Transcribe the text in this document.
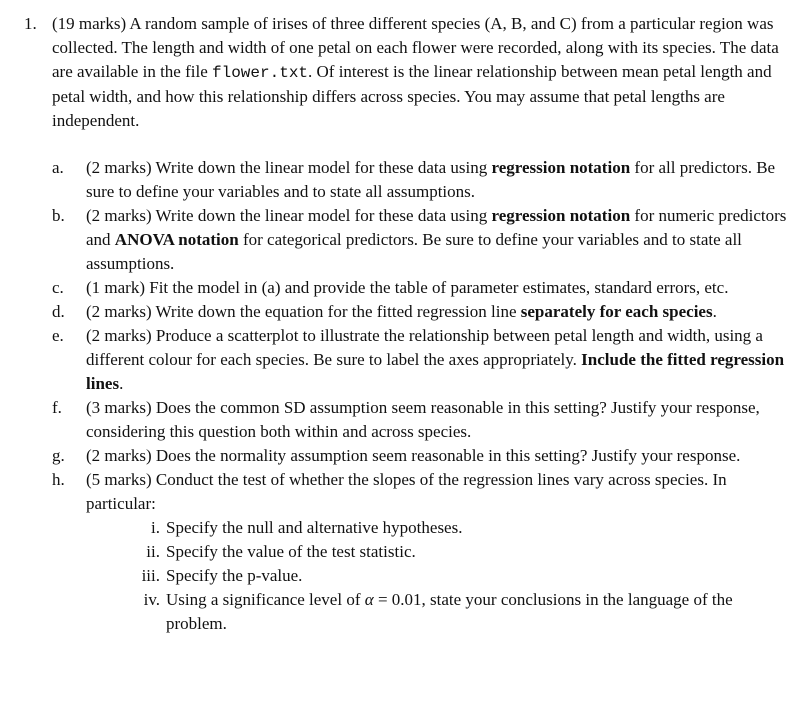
1. (19 marks) A random sample of irises of three different species (A, B, and C) from a particular region was collected. The length and width of one petal on each flower were recorded, along with its species. The data are available in the file flower.txt. Of interest is the linear relationship between mean petal length and petal width, and how this relationship differs across species. You may assume that petal lengths are independent.
a.	(2 marks) Write down the linear model for these data using regression notation for all predictors. Be sure to define your variables and to state all assumptions.
b.	(2 marks) Write down the linear model for these data using regression notation for numeric predictors and ANOVA notation for categorical predictors. Be sure to define your variables and to state all assumptions.
c.	(1 mark) Fit the model in (a) and provide the table of parameter estimates, standard errors, etc.
d.	(2 marks) Write down the equation for the fitted regression line separately for each species.
e.	(2 marks) Produce a scatterplot to illustrate the relationship between petal length and width, using a different colour for each species. Be sure to label the axes appropriately. Include the fitted regression lines.
f.	(3 marks) Does the common SD assumption seem reasonable in this setting? Justify your response, considering this question both within and across species.
g.	(2 marks) Does the normality assumption seem reasonable in this setting? Justify your response.
h.	(5 marks) Conduct the test of whether the slopes of the regression lines vary across species. In particular:
i. Specify the null and alternative hypotheses.
ii. Specify the value of the test statistic.
iii. Specify the p-value.
iv. Using a significance level of α = 0.01, state your conclusions in the language of the problem.
